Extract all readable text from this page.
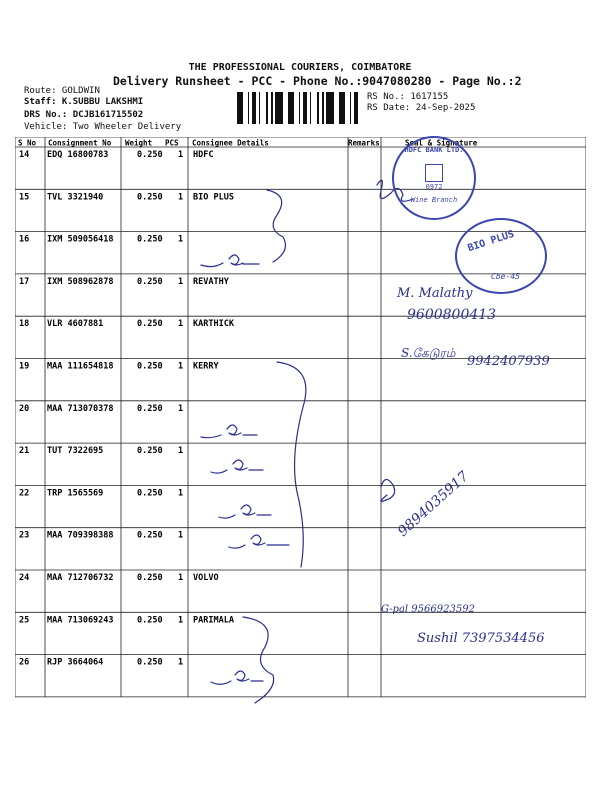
THE PROFESSIONAL COURIERS, COIMBATORE
Delivery Runsheet - PCC - Phone No.:9047080280 - Page No.:2
Route: GOLDWIN
Staff: K.SUBBU LAKSHMI
DRS No.: DCJB161715502
Vehicle: Two Wheeler Delivery
RS No.: 1617155
RS Date: 24-Sep-2025
S No Consignment No Weight PCS Consignee Details	Remarks	Seal & Signature
14 EDQ 16800783	0.250 1 HDFC
15 TVL 3321940	0.250 1 BIO PLUS
16 IXM 509056418	0.250 1
17 IXM 508962878	0.250 1 REVATHY
18 VLR 4607881	0.250 1 KARTHICK
19 MAA 111654818	0.250 1 KERRY
20 MAA 713070378	0.250 1
21 TUT 7322695	0.250 1
22 TRP 1565569	0.250 1
23 MAA 709398388	0.250 1
24 MAA 712706732	0.250 1 VOLVO
25 MAA 713069243	0.250 1 PARIMALA
26 RJP 3664064	0.250 1
M. Malathy
9600800413
S.கேடுரம்
9942407939
9894035917
G-pal 9566923592
Sushil 7397534456
HDFC BANK LTD.
0972
Wine Branch
BIO PLUS
Cbe-45
